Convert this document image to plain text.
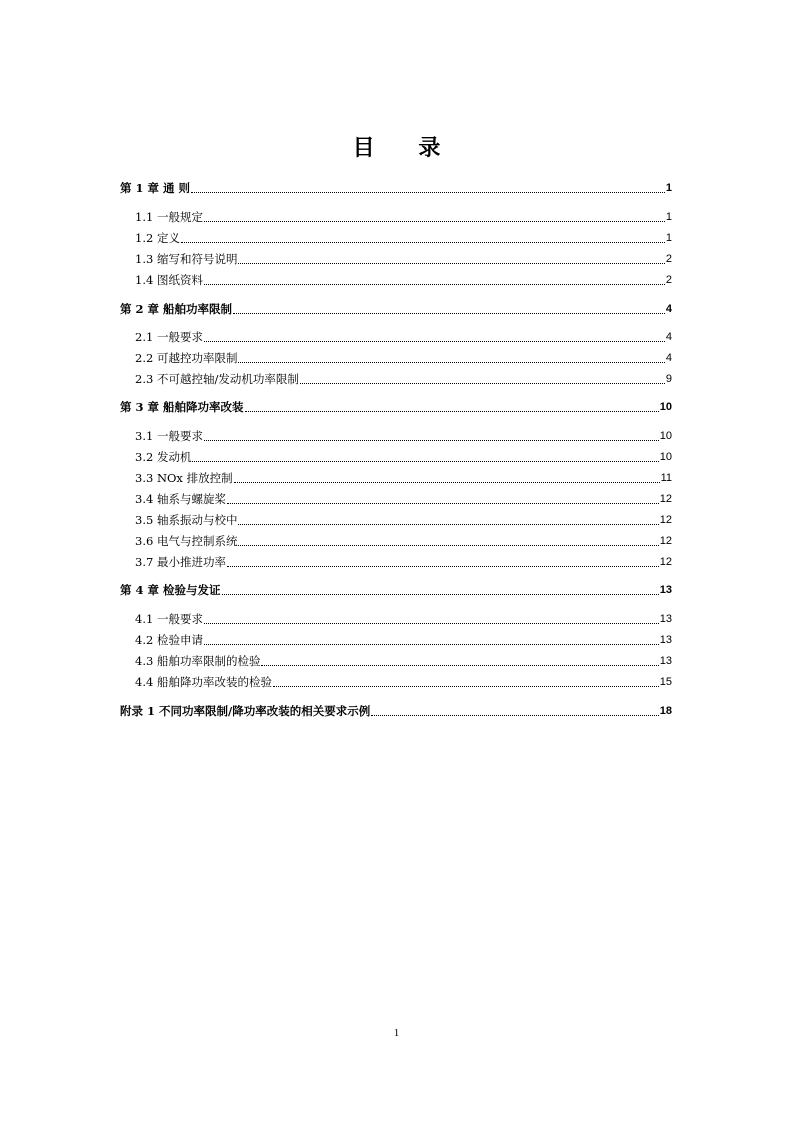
目 录
第 1 章 通 则	1
1.1 一般规定	1
1.2 定义	1
1.3 缩写和符号说明	2
1.4 图纸资料	2
第 2 章 船舶功率限制	4
2.1 一般要求	4
2.2 可越控功率限制	4
2.3 不可越控轴/发动机功率限制	9
第 3 章 船舶降功率改装	10
3.1 一般要求	10
3.2 发动机	10
3.3 NOx 排放控制	11
3.4 轴系与螺旋桨	12
3.5 轴系振动与校中	12
3.6 电气与控制系统	12
3.7 最小推进功率	12
第 4 章 检验与发证	13
4.1 一般要求	13
4.2 检验申请	13
4.3 船舶功率限制的检验	13
4.4 船舶降功率改装的检验	15
附录 1 不同功率限制/降功率改装的相关要求示例	18
1
